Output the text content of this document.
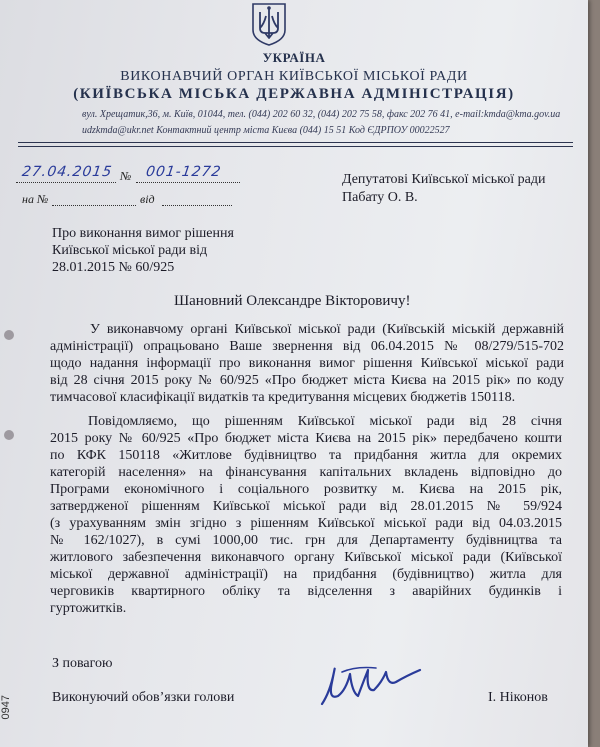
УКРАЇНА
ВИКОНАВЧИЙ ОРГАН КИЇВСЬКОЇ МІСЬКОЇ РАДИ
(КИЇВСЬКА МІСЬКА ДЕРЖАВНА АДМІНІСТРАЦІЯ)
вул. Хрещатик,36, м. Київ, 01044, тел. (044) 202 60 32, (044) 202 75 58, факс 202 76 41, e-mail:kmda@kma.gov.ua
udzkmda@ukr.net Контактний центр міста Києва (044) 15 51 Код ЄДРПОУ 00022527
27.04.2015 № 001-1272
на №	від
Депутатові Київської міської ради
Пабату О. В.
Про виконання вимог рішення
Київської міської ради від
28.01.2015 № 60/925
Шановний Олександре Вікторовичу!
У виконавчому органі Київської міської ради (Київській міській державній
адміністрації) опрацьовано Ваше звернення від 06.04.2015 № 08/279/515-702
щодо надання інформації про виконання вимог рішення Київської міської ради
від 28 січня 2015 року № 60/925 «Про бюджет міста Києва на 2015 рік» по коду
тимчасової класифікації видатків та кредитування місцевих бюджетів 150118.
Повідомляємо, що рішенням Київської міської ради від 28 січня
2015 року № 60/925 «Про бюджет міста Києва на 2015 рік» передбачено кошти
по КФК 150118 «Житлове будівництво та придбання житла для окремих
категорій населення» на фінансування капітальних вкладень відповідно до
Програми економічного і соціального розвитку м. Києва на 2015 рік,
затвердженої рішенням Київської міської ради від 28.01.2015 № 59/924
(з урахуванням змін згідно з рішенням Київської міської ради від 04.03.2015
№ 162/1027), в сумі 1000,00 тис. грн для Департаменту будівництва та
житлового забезпечення виконавчого органу Київської міської ради (Київської
міської державної адміністрації) на придбання (будівництво) житла для
черговиків квартирного обліку та відселення з аварійних будинків і
гуртожитків.
З повагою
Виконуючий обов’язки голови	І. Ніконов
0947
